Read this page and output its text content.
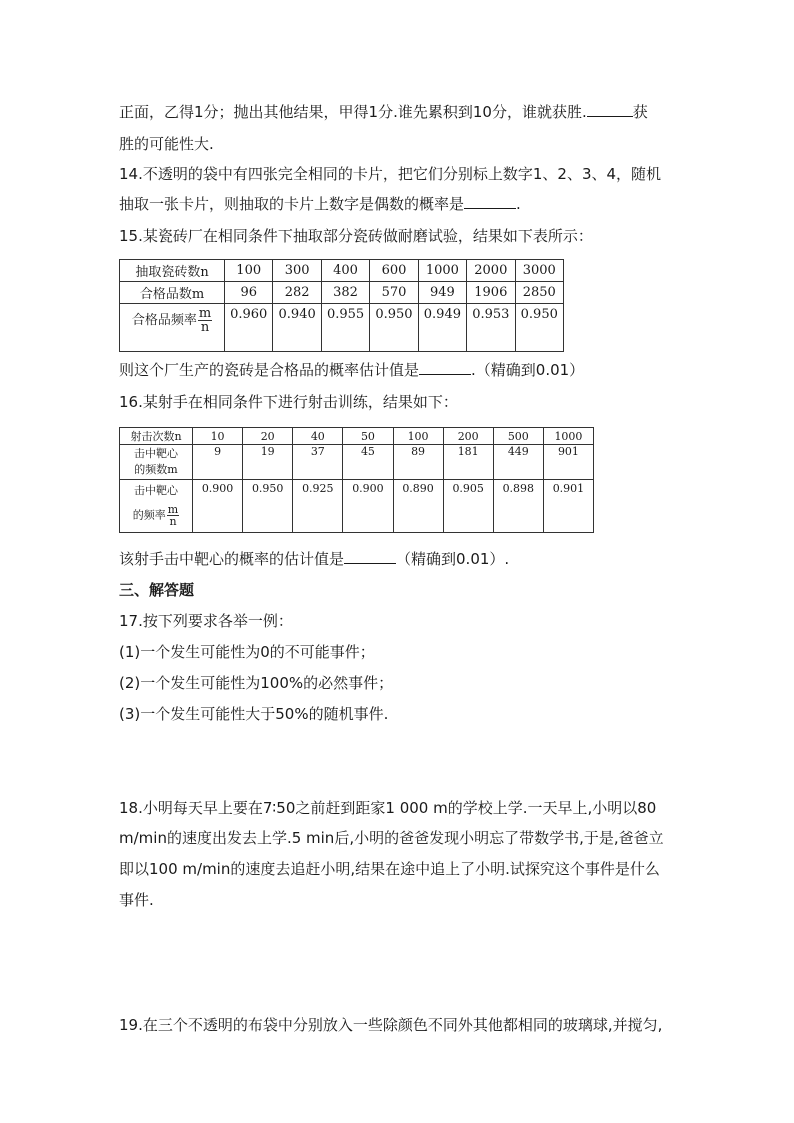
正面，乙得1分；抛出其他结果，甲得1分.谁先累积到10分，谁就获胜.	获
胜的可能性大.
14.不透明的袋中有四张完全相同的卡片，把它们分别标上数字1、2、3、4，随机
抽取一张卡片，则抽取的卡片上数字是偶数的概率是	.
15.某瓷砖厂在相同条件下抽取部分瓷砖做耐磨试验，结果如下表所示：
抽取瓷砖数n	100	300	400	600	1000	2000	3000
合格品数m	96	282	382	570	949	1906	2850
合格品频率 $\frac{m}{n}$	0.960	0.940	0.955	0.950	0.949	0.953	0.950
则这个厂生产的瓷砖是合格品的概率估计值是	.（精确到0.01）
16.某射手在相同条件下进行射击训练，结果如下：
射击次数n	10	20	40	50	100	200	500	1000

击中靶心
的频数m	9	19	37	45	89	181	449	901

击中靶心
的频率 $\frac{m}{n}$	0.900	0.950	0.925	0.900	0.890	0.905	0.898	0.901
该射手击中靶心的概率的估计值是	（精确到0.01）.
三、解答题
17.按下列要求各举一例：
(1)一个发生可能性为0的不可能事件；
(2)一个发生可能性为100%的必然事件；
(3)一个发生可能性大于50%的随机事件.
18.小明每天早上要在7∶50之前赶到距家1 000 m的学校上学.一天早上,小明以80
m/min的速度出发去上学.5 min后,小明的爸爸发现小明忘了带数学书,于是,爸爸立
即以100 m/min的速度去追赶小明,结果在途中追上了小明.试探究这个事件是什么
事件.
19.在三个不透明的布袋中分别放入一些除颜色不同外其他都相同的玻璃球,并搅匀,
